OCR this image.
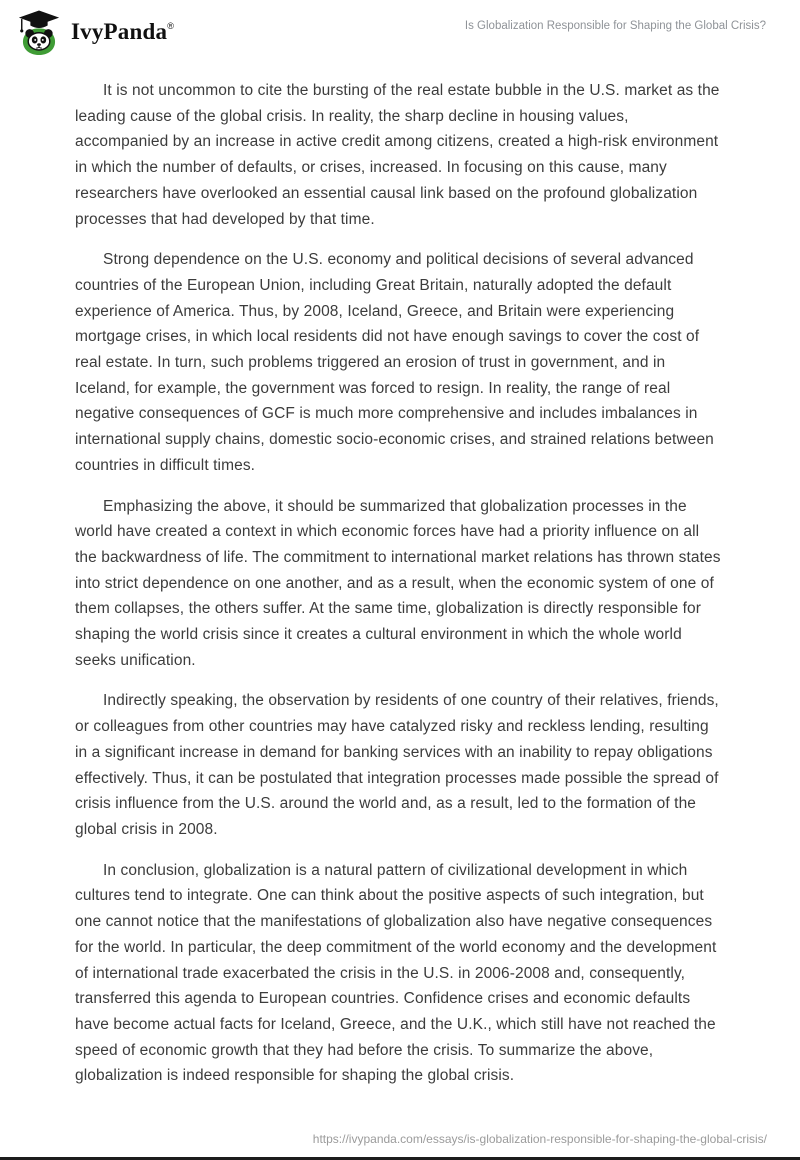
IvyPanda®	Is Globalization Responsible for Shaping the Global Crisis?

It is not uncommon to cite the bursting of the real estate bubble in the U.S. market as the leading cause of the global crisis. In reality, the sharp decline in housing values, accompanied by an increase in active credit among citizens, created a high-risk environment in which the number of defaults, or crises, increased. In focusing on this cause, many researchers have overlooked an essential causal link based on the profound globalization processes that had developed by that time.

Strong dependence on the U.S. economy and political decisions of several advanced countries of the European Union, including Great Britain, naturally adopted the default experience of America. Thus, by 2008, Iceland, Greece, and Britain were experiencing mortgage crises, in which local residents did not have enough savings to cover the cost of real estate. In turn, such problems triggered an erosion of trust in government, and in Iceland, for example, the government was forced to resign. In reality, the range of real negative consequences of GCF is much more comprehensive and includes imbalances in international supply chains, domestic socio-economic crises, and strained relations between countries in difficult times.

Emphasizing the above, it should be summarized that globalization processes in the world have created a context in which economic forces have had a priority influence on all the backwardness of life. The commitment to international market relations has thrown states into strict dependence on one another, and as a result, when the economic system of one of them collapses, the others suffer. At the same time, globalization is directly responsible for shaping the world crisis since it creates a cultural environment in which the whole world seeks unification.

Indirectly speaking, the observation by residents of one country of their relatives, friends, or colleagues from other countries may have catalyzed risky and reckless lending, resulting in a significant increase in demand for banking services with an inability to repay obligations effectively. Thus, it can be postulated that integration processes made possible the spread of crisis influence from the U.S. around the world and, as a result, led to the formation of the global crisis in 2008.

In conclusion, globalization is a natural pattern of civilizational development in which cultures tend to integrate. One can think about the positive aspects of such integration, but one cannot notice that the manifestations of globalization also have negative consequences for the world. In particular, the deep commitment of the world economy and the development of international trade exacerbated the crisis in the U.S. in 2006-2008 and, consequently, transferred this agenda to European countries. Confidence crises and economic defaults have become actual facts for Iceland, Greece, and the U.K., which still have not reached the speed of economic growth that they had before the crisis. To summarize the above, globalization is indeed responsible for shaping the global crisis.

https://ivypanda.com/essays/is-globalization-responsible-for-shaping-the-global-crisis/
